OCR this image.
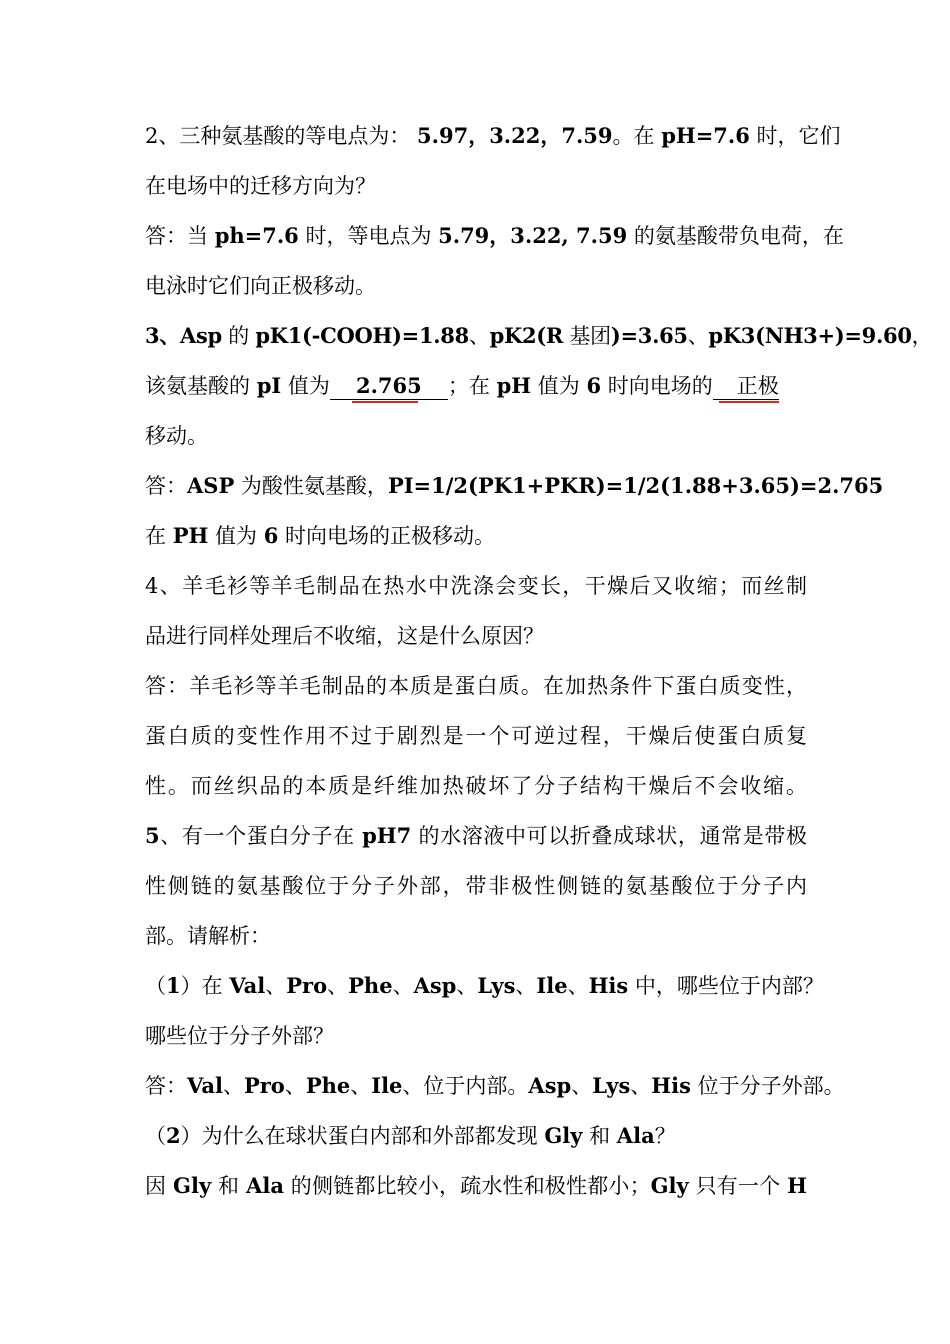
2、三种氨基酸的等电点为： 5.97，3.22，7.59。在 pH=7.6 时，它们
在电场中的迁移方向为？
答：当 ph=7.6 时，等电点为 5.79，3.22, 7.59 的氨基酸带负电荷，在
电泳时它们向正极移动。
3、Asp 的 pK1(-COOH)=1.88、pK2(R 基团)=3.65、pK3(NH3+)=9.60，
该氨基酸的 pI 值为 2.765 ；在 pH 值为 6 时向电场的 正极
移动。
答：ASP 为酸性氨基酸，PI=1/2(PK1+PKR)=1/2(1.88+3.65)=2.765
在 PH 值为 6 时向电场的正极移动。
4、羊毛衫等羊毛制品在热水中洗涤会变长，干燥后又收缩；而丝制
品进行同样处理后不收缩，这是什么原因？
答：羊毛衫等羊毛制品的本质是蛋白质。在加热条件下蛋白质变性，
蛋白质的变性作用不过于剧烈是一个可逆过程，干燥后使蛋白质复
性。而丝织品的本质是纤维加热破坏了分子结构干燥后不会收缩。
5、有一个蛋白分子在 pH7 的水溶液中可以折叠成球状，通常是带极
性侧链的氨基酸位于分子外部，带非极性侧链的氨基酸位于分子内
部。请解析：
（1）在 Val、Pro、Phe、Asp、Lys、Ile、His 中，哪些位于内部？
哪些位于分子外部？
答：Val、Pro、Phe、Ile、位于内部。Asp、Lys、His 位于分子外部。
（2）为什么在球状蛋白内部和外部都发现 Gly 和 Ala？
因 Gly 和 Ala 的侧链都比较小，疏水性和极性都小；Gly 只有一个 H
